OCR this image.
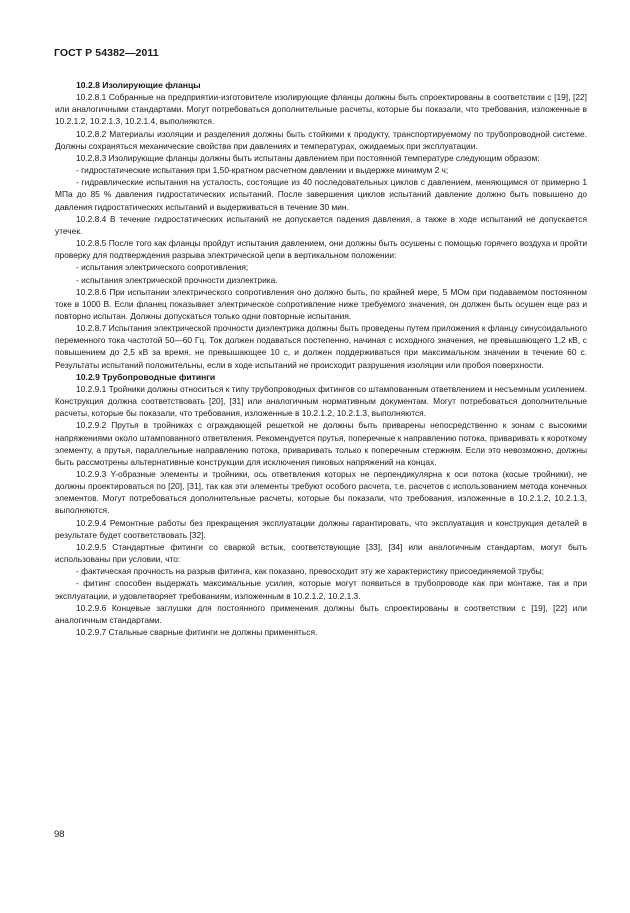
ГОСТ Р 54382—2011

10.2.8 Изолирующие фланцы

10.2.8.1 Собранные на предприятии-изготовителе изолирующие фланцы должны быть спроектированы в соответствии с [19], [22] или аналогичными стандартами. Могут потребоваться дополнительные расчеты, которые бы показали, что требования, изложенные в 10.2.1.2, 10.2.1.3, 10.2.1.4, выполняются.

10.2.8.2 Материалы изоляции и разделения должны быть стойкими к продукту, транспортируемому по трубопроводной системе. Должны сохраняться механические свойства при давлениях и температурах, ожидаемых при эксплуатации.

10.2.8.3 Изолирующие фланцы должны быть испытаны давлением при постоянной температуре следующим образом:

- гидростатические испытания при 1,50-кратном расчетном давлении и выдержке минимум 2 ч;

- гидравлические испытания на усталость, состоящие из 40 последовательных циклов с давлением, меняющимся от примерно 1 МПа до 85 % давления гидростатических испытаний. После завершения циклов испытаний давление должно быть повышено до давления гидростатических испытаний и выдерживаться в течение 30 мин.

10.2.8.4 В течение гидростатических испытаний не допускается падения давления, а также в ходе испытаний не допускается утечек.

10.2.8.5 После того как фланцы пройдут испытания давлением, они должны быть осушены с помощью горячего воздуха и пройти проверку для подтверждения разрыва электрической цепи в вертикальном положении:

- испытания электрического сопротивления;

- испытания электрической прочности диэлектрика.

10.2.8.6 При испытании электрического сопротивления оно должно быть, по крайней мере, 5 МОм при подаваемом постоянном токе в 1000 В. Если фланец показывает электрическое сопротивление ниже требуемого значения, он должен быть осушен еще раз и повторно испытан. Должны допускаться только одни повторные испытания.

10.2.8.7 Испытания электрической прочности диэлектрика должны быть проведены путем приложения к фланцу синусоидального переменного тока частотой 50—60 Гц. Ток должен подаваться постепенно, начиная с исходного значения, не превышающего 1,2 кВ, с повышением до 2,5 кВ за время, не превышающее 10 с, и должен поддерживаться при максимальном значении в течение 60 с. Результаты испытаний положительны, если в ходе испытаний не происходит разрушения изоляции или пробоя поверхности.

10.2.9 Трубопроводные фитинги

10.2.9.1 Тройники должны относиться к типу трубопроводных фитингов со штампованным ответвлением и несъемным усилением. Конструкция должна соответствовать [20], [31] или аналогичным нормативным документам. Могут потребоваться дополнительные расчеты, которые бы показали, что требования, изложенные в 10.2.1.2, 10.2.1.3, выполняются.

10.2.9.2 Прутья в тройниках с ограждающей решеткой не должны быть приварены непосредственно к зонам с высокими напряжениями около штампованного ответвления. Рекомендуется прутья, поперечные к направлению потока, приваривать к короткому элементу, а прутья, параллельные направлению потока, приваривать только к поперечным стержням. Если это невозможно, должны быть рассмотрены альтернативные конструкции для исключения пиковых напряжений на концах.

10.2.9.3 Y-образные элементы и тройники, ось ответвления которых не перпендикулярна к оси потока (косые тройники), не должны проектироваться по [20], [31], так как эти элементы требуют особого расчета, т.е. расчетов с использованием метода конечных элементов. Могут потребоваться дополнительные расчеты, которые бы показали, что требования, изложенные в 10.2.1.2, 10.2.1.3, выполняются.

10.2.9.4 Ремонтные работы без прекращения эксплуатации должны гарантировать, что эксплуатация и конструкция деталей в результате будет соответствовать [32].

10.2.9.5 Стандартные фитинги со сваркой встык, соответствующие [33], [34] или аналогичным стандартам, могут быть использованы при условии, что:

- фактическая прочность на разрыв фитинга, как показано, превосходит эту же характеристику присоединяемой трубы;

- фитинг способен выдержать максимальные усилия, которые могут появиться в трубопроводе как при монтаже, так и при эксплуатации, и удовлетворяет требованиям, изложенным в 10.2.1.2, 10.2.1.3.

10.2.9.6 Концевые заглушки для постоянного применения должны быть спроектированы в соответствии с [19], [22] или аналогичным стандартами.

10.2.9.7 Стальные сварные фитинги не должны применяться.

98
